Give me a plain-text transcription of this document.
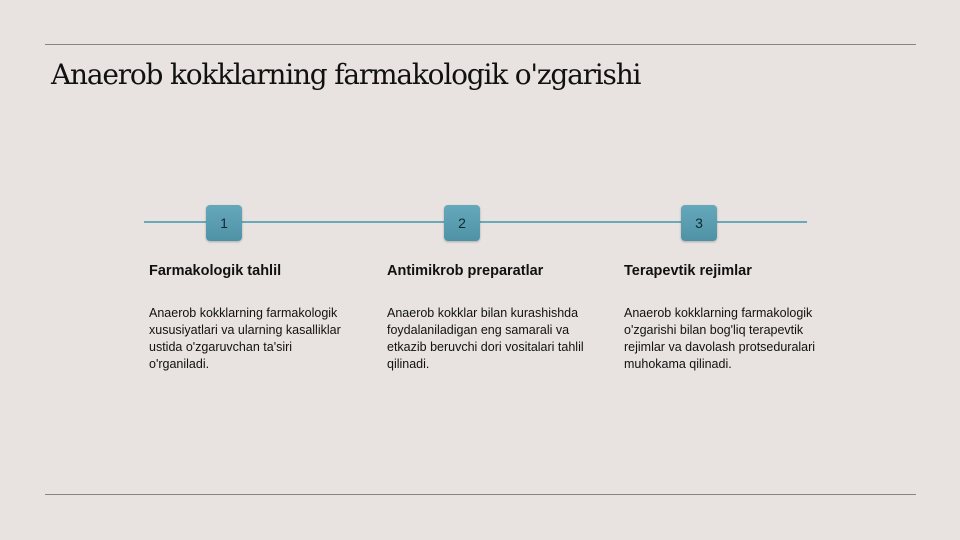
Anaerob kokklarning farmakologik o'zgarishi
1	2	3
Farmakologik tahlil

Anaerob kokklarning farmakologik xususiyatlari va ularning kasalliklar ustida o'zgaruvchan ta'siri o'rganiladi.

Antimikrob preparatlar

Anaerob kokklar bilan kurashishda foydalaniladigan eng samarali va etkazib beruvchi dori vositalari tahlil qilinadi.

Terapevtik rejimlar

Anaerob kokklarning farmakologik o'zgarishi bilan bog'liq terapevtik rejimlar va davolash protseduralari muhokama qilinadi.
